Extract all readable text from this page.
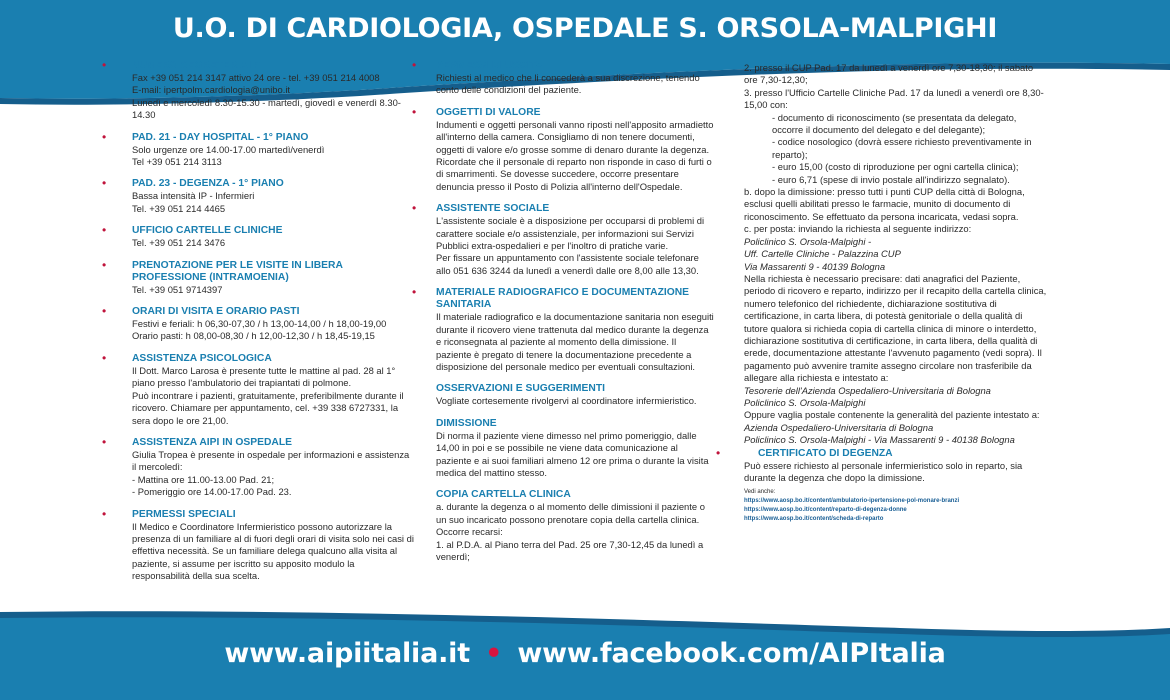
U.O. DI CARDIOLOGIA, OSPEDALE S. ORSOLA-MALPIGHI
• NUMERO SEGRETERIA IP
Fax +39 051 214 3147 attivo 24 ore - tel. +39 051 214 4008
E-mail: ipertpolm.cardiologia@unibo.it
Lunedì e mercoledì 8.30-15.30 - martedì, giovedì e venerdì 8.30-14.30
• PAD. 21 - DAY HOSPITAL - 1° PIANO
Solo urgenze ore 14.00-17.00 martedì/venerdì
Tel +39 051 214 3113
• PAD. 23 - DEGENZA - 1° PIANO
Bassa intensità IP - Infermieri
Tel. +39 051 214 4465
• UFFICIO CARTELLE CLINICHE
Tel. +39 051 214 3476
• PRENOTAZIONE PER LE VISITE IN LIBERA PROFESSIONE (INTRAMOENIA)
Tel. +39 051 9714397
• ORARI DI VISITA E ORARIO PASTI
Festivi e feriali: h 06,30-07,30 / h 13,00-14,00 / h 18,00-19,00
Orario pasti: h 08,00-08,30 / h 12,00-12,30 / h 18,45-19,15
• ASSISTENZA PSICOLOGICA
Il Dott. Marco Larosa è presente tutte le mattine al pad. 28 al 1° piano presso l'ambulatorio dei trapiantati di polmone.
Può incontrare i pazienti, gratuitamente, preferibilmente durante il ricovero. Chiamare per appuntamento, cel. +39 338 6727331, la sera dopo le ore 21,00.
• ASSISTENZA AIPI IN OSPEDALE
Giulia Tropea è presente in ospedale per informazioni e assistenza il mercoledì:
- Mattina ore 11.00-13.00 Pad. 21;
- Pomeriggio ore 14.00-17.00 Pad. 23.
• PERMESSI SPECIALI
Il Medico e Coordinatore Infermieristico possono autorizzare la presenza di un familiare al di fuori degli orari di visita solo nei casi di effettiva necessità. Se un familiare delega qualcuno alla visita al paziente, si assume per iscritto su apposito modulo la responsabilità della sua scelta.
• PERMESSI DI USCITA
Richiesti al medico che li concederà a sua discrezione, tenendo conto delle condizioni del paziente.
• OGGETTI DI VALORE
Indumenti e oggetti personali vanno riposti nell'apposito armadietto all'interno della camera. Consigliamo di non tenere documenti, oggetti di valore e/o grosse somme di denaro durante la degenza. Ricordate che il personale di reparto non risponde in caso di furti o di smarrimenti. Se dovesse succedere, occorre presentare denuncia presso il Posto di Polizia all'interno dell'Ospedale.
• ASSISTENTE SOCIALE
L'assistente sociale è a disposizione per occuparsi di problemi di carattere sociale e/o assistenziale, per informazioni sui Servizi Pubblici extra-ospedalieri e per l'inoltro di pratiche varie.
Per fissare un appuntamento con l'assistente sociale telefonare allo 051 636 3244 da lunedì a venerdì dalle ore 8,00 alle 13,30.
• MATERIALE RADIOGRAFICO E DOCUMENTAZIONE SANITARIA
Il materiale radiografico e la documentazione sanitaria non eseguiti durante il ricovero viene trattenuta dal medico durante la degenza e riconsegnata al paziente al momento della dimissione. Il paziente è pregato di tenere la documentazione precedente a disposizione del personale medico per eventuali consultazioni.
OSSERVAZIONI E SUGGERIMENTI
Vogliate cortesemente rivolgervi al coordinatore infermieristico.
DIMISSIONE
Di norma il paziente viene dimesso nel primo pomeriggio, dalle 14,00 in poi e se possibile ne viene data comunicazione al paziente e ai suoi familiari almeno 12 ore prima o durante la visita medica del mattino stesso.
COPIA CARTELLA CLINICA
a. durante la degenza o al momento delle dimissioni il paziente o un suo incaricato possono prenotare copia della cartella clinica.
Occorre recarsi:
1. al P.D.A. al Piano terra del Pad. 25 ore 7,30-12,45 da lunedì a venerdì;
2. presso il CUP Pad. 17 da lunedì a venerdì ore 7,30-18,30; il sabato ore 7,30-12,30;
3. presso l'Ufficio Cartelle Cliniche Pad. 17 da lunedì a venerdì ore 8,30-15,00 con:
- documento di riconoscimento (se presentata da delegato, occorre il documento del delegato e del delegante);
- codice nosologico (dovrà essere richiesto preventivamente in reparto);
- euro 15,00 (costo di riproduzione per ogni cartella clinica);
- euro 6,71 (spese di invio postale all'indirizzo segnalato).
b. dopo la dimissione: presso tutti i punti CUP della città di Bologna, esclusi quelli abilitati presso le farmacie, munito di documento di riconoscimento. Se effettuato da persona incaricata, vedasi sopra.
c. per posta: inviando la richiesta al seguente indirizzo:
Policlinico S. Orsola-Malpighi -
Uff. Cartelle Cliniche - Palazzina CUP
Via Massarenti 9 - 40139 Bologna
Nella richiesta è necessario precisare: dati anagrafici del Paziente, periodo di ricovero e reparto, indirizzo per il recapito della cartella clinica, numero telefonico del richiedente, dichiarazione sostitutiva di certificazione, in carta libera, di potestà genitoriale o della qualità di tutore qualora si richieda copia di cartella clinica di minore o interdetto, dichiarazione sostitutiva di certificazione, in carta libera, della qualità di erede, documentazione attestante l'avvenuto pagamento (vedi sopra). Il pagamento può avvenire tramite assegno circolare non trasferibile da allegare alla richiesta e intestato a:
Tesorerie dell'Azienda Ospedaliero-Universitaria di Bologna
Policlinico S. Orsola-Malpighi
Oppure vaglia postale contenente la generalità del paziente intestato a:
Azienda Ospedaliero-Universitaria di Bologna
Policlinico S. Orsola-Malpighi - Via Massarenti 9 - 40138 Bologna
• CERTIFICATO DI DEGENZA
Può essere richiesto al personale infermieristico solo in reparto, sia durante la degenza che dopo la dimissione.
Vedi anche:
https://www.aosp.bo.it/content/ambulatorio-ipertensione-pol-monare-branzi
https://www.aosp.bo.it/content/reparto-di-degenza-donne
https://www.aosp.bo.it/content/scheda-di-reparto
www.aipiitalia.it • www.facebook.com/AIPItalia
